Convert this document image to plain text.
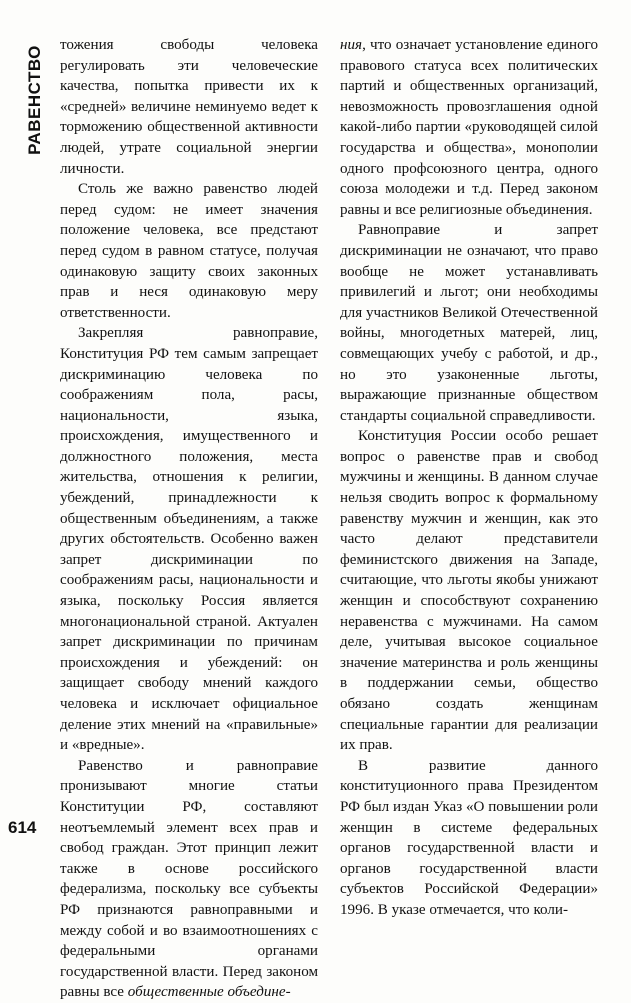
РАВЕНСТВО
614

тожения свободы человека регулировать эти человеческие качества, попытка привести их к «средней» величине неминуемо ведет к торможению общественной активности людей, утрате социальной энергии личности.

Столь же важно равенство людей перед судом: не имеет значения положение человека, все предстают перед судом в равном статусе, получая одинаковую защиту своих законных прав и неся одинаковую меру ответственности.

Закрепляя равноправие, Конституция РФ тем самым запрещает дискриминацию человека по соображениям пола, расы, национальности, языка, происхождения, имущественного и должностного положения, места жительства, отношения к религии, убеждений, принадлежности к общественным объединениям, а также других обстоятельств. Особенно важен запрет дискриминации по соображениям расы, национальности и языка, поскольку Россия является многонациональной страной. Актуален запрет дискриминации по причинам происхождения и убеждений: он защищает свободу мнений каждого человека и исключает официальное деление этих мнений на «правильные» и «вредные».

Равенство и равноправие пронизывают многие статьи Конституции РФ, составляют неотъемлемый элемент всех прав и свобод граждан. Этот принцип лежит также в основе российского федерализма, поскольку все субъекты РФ признаются равноправными и между собой и во взаимоотношениях с федеральными органами государственной власти. Перед законом равны все общественные объедине-

ния, что означает установление единого правового статуса всех политических партий и общественных организаций, невозможность провозглашения одной какой-либо партии «руководящей силой государства и общества», монополии одного профсоюзного центра, одного союза молодежи и т.д. Перед законом равны и все религиозные объединения.

Равноправие и запрет дискриминации не означают, что право вообще не может устанавливать привилегий и льгот; они необходимы для участников Великой Отечественной войны, многодетных матерей, лиц, совмещающих учебу с работой, и др., но это узаконенные льготы, выражающие признанные обществом стандарты социальной справедливости.

Конституция России особо решает вопрос о равенстве прав и свобод мужчины и женщины. В данном случае нельзя сводить вопрос к формальному равенству мужчин и женщин, как это часто делают представители феминистского движения на Западе, считающие, что льготы якобы унижают женщин и способствуют сохранению неравенства с мужчинами. На самом деле, учитывая высокое социальное значение материнства и роль женщины в поддержании семьи, общество обязано создать женщинам специальные гарантии для реализации их прав.

В развитие данного конституционного права Президентом РФ был издан Указ «О повышении роли женщин в системе федеральных органов государственной власти и органов государственной власти субъектов Российской Федерации» 1996. В указе отмечается, что коли-
